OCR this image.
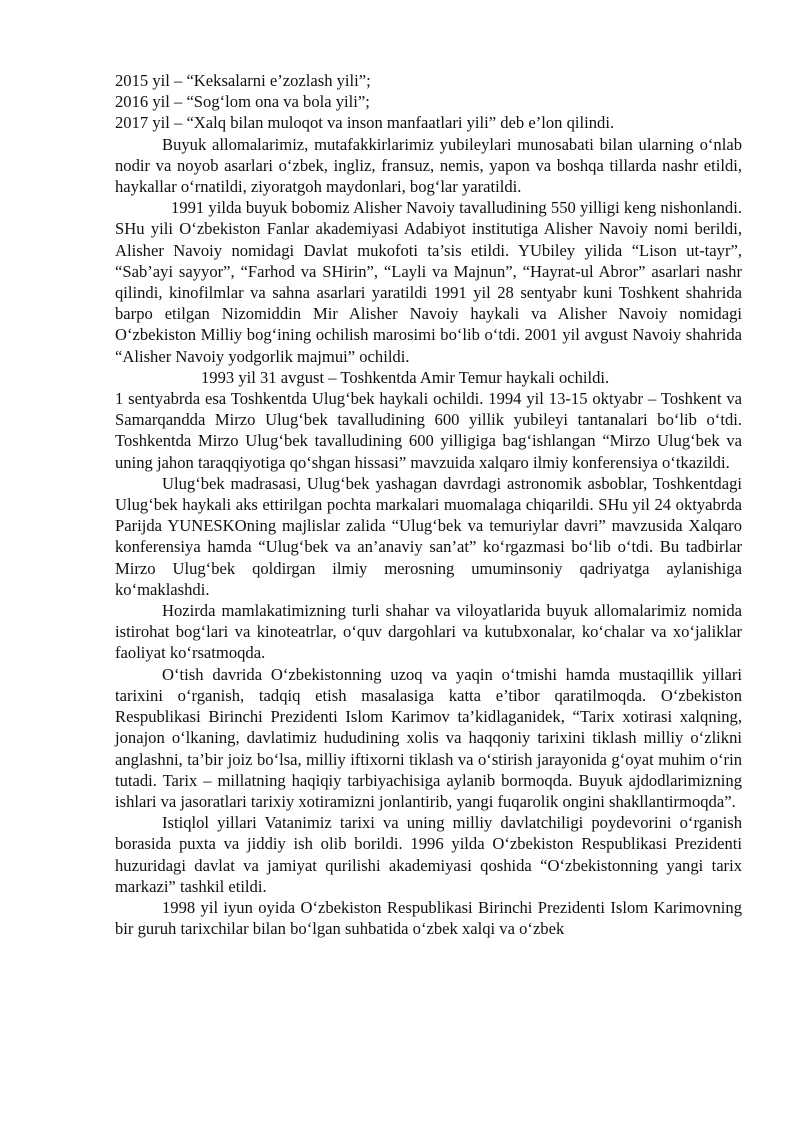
2015 yil – “Keksalarni e’zozlash yili”;

2016 yil – “Sog‘lom ona va bola yili”;

2017 yil – “Xalq bilan muloqot va inson manfaatlari yili” deb e’lon qilindi.

Buyuk allomalarimiz, mutafakkirlarimiz yubileylari munosabati bilan ularning o‘nlab nodir va noyob asarlari o‘zbek, ingliz, fransuz, nemis, yapon va boshqa tillarda nashr etildi, haykallar o‘rnatildi, ziyoratgoh maydonlari, bog‘lar yaratildi.

1991 yilda buyuk bobomiz Alisher Navoiy tavalludining 550 yilligi keng nishonlandi. SHu yili O‘zbekiston Fanlar akademiyasi Adabiyot institutiga Alisher Navoiy nomi berildi, Alisher Navoiy nomidagi Davlat mukofoti ta’sis etildi. YUbiley yilida “Lison ut-tayr”, “Sab’ayi sayyor”, “Farhod va SHirin”, “Layli va Majnun”, “Hayrat-ul Abror” asarlari nashr qilindi, kinofilmlar va sahna asarlari yaratildi 1991 yil 28 sentyabr kuni Toshkent shahrida barpo etilgan Nizomiddin Mir Alisher Navoiy haykali va Alisher Navoiy nomidagi O‘zbekiston Milliy bog‘ining ochilish marosimi bo‘lib o‘tdi. 2001 yil avgust Navoiy shahrida “Alisher Navoiy yodgorlik majmui” ochildi.

1993 yil 31 avgust – Toshkentda Amir Temur haykali ochildi.

1 sentyabrda esa Toshkentda Ulug‘bek haykali ochildi. 1994 yil 13-15 oktyabr – Toshkent va Samarqandda Mirzo Ulug‘bek tavalludining 600 yillik yubileyi tantanalari bo‘lib o‘tdi. Toshkentda Mirzo Ulug‘bek tavalludining 600 yilligiga bag‘ishlangan “Mirzo Ulug‘bek va uning jahon taraqqiyotiga qo‘shgan hissasi” mavzuida xalqaro ilmiy konferensiya o‘tkazildi.

Ulug‘bek madrasasi, Ulug‘bek yashagan davrdagi astronomik asboblar, Toshkentdagi Ulug‘bek haykali aks ettirilgan pochta markalari muomalaga chiqarildi. SHu yil 24 oktyabrda Parijda YUNESKOning majlislar zalida “Ulug‘bek va temuriylar davri” mavzusida Xalqaro konferensiya hamda “Ulug‘bek va an’anaviy san’at” ko‘rgazmasi bo‘lib o‘tdi. Bu tadbirlar Mirzo Ulug‘bek qoldirgan ilmiy merosning umuminsoniy qadriyatga aylanishiga ko‘maklashdi.

Hozirda mamlakatimizning turli shahar va viloyatlarida buyuk allomalarimiz nomida istirohat bog‘lari va kinoteatrlar, o‘quv dargohlari va kutubxonalar, ko‘chalar va xo‘jaliklar faoliyat ko‘rsatmoqda.

O‘tish davrida O‘zbekistonning uzoq va yaqin o‘tmishi hamda mustaqillik yillari tarixini o‘rganish, tadqiq etish masalasiga katta e’tibor qaratilmoqda. O‘zbekiston Respublikasi Birinchi Prezidenti Islom Karimov ta’kidlaganidek, “Tarix xotirasi xalqning, jonajon o‘lkaning, davlatimiz hududining xolis va haqqoniy tarixini tiklash milliy o‘zlikni anglashni, ta’bir joiz bo‘lsa, milliy iftixorni tiklash va o‘stirish jarayonida g‘oyat muhim o‘rin tutadi. Tarix – millatning haqiqiy tarbiyachisiga aylanib bormoqda. Buyuk ajdodlarimizning ishlari va jasoratlari tarixiy xotiramizni jonlantirib, yangi fuqarolik ongini shakllantirmoqda”.

Istiqlol yillari Vatanimiz tarixi va uning milliy davlatchiligi poydevorini o‘rganish borasida puxta va jiddiy ish olib borildi. 1996 yilda O‘zbekiston Respublikasi Prezidenti huzuridagi davlat va jamiyat qurilishi akademiyasi qoshida “O‘zbekistonning yangi tarix markazi” tashkil etildi.

1998 yil iyun oyida O‘zbekiston Respublikasi Birinchi Prezidenti Islom Karimovning bir guruh tarixchilar bilan bo‘lgan suhbatida o‘zbek xalqi va o‘zbek
